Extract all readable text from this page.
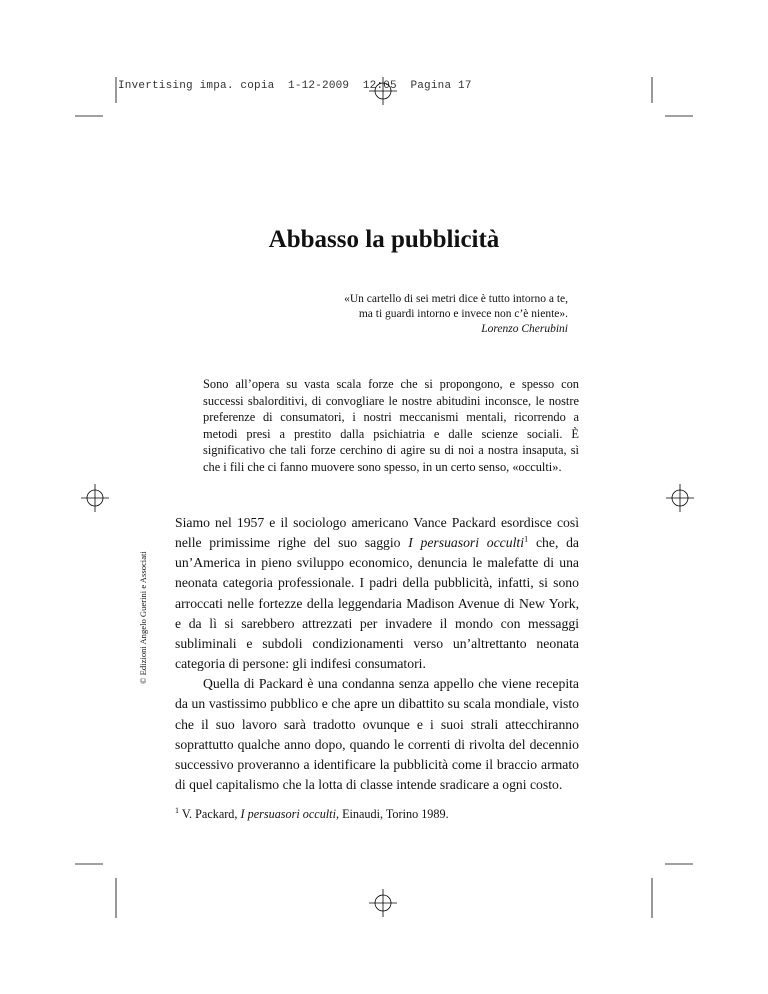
Invertising impa. copia  1-12-2009  12:05  Pagina 17
Abbasso la pubblicità
«Un cartello di sei metri dice è tutto intorno a te,
ma ti guardi intorno e invece non c’è niente».
Lorenzo Cherubini

Sono all’opera su vasta scala forze che si propongono, e spesso con successi sbalorditivi, di convogliare le nostre abitudini inconsce, le nostre preferenze di consumatori, i nostri meccanismi mentali, ricorrendo a metodi presi a prestito dalla psichiatria e dalle scienze sociali. È significativo che tali forze cerchino di agire su di noi a nostra insaputa, sì che i fili che ci fanno muovere sono spesso, in un certo senso, «occulti».

Siamo nel 1957 e il sociologo americano Vance Packard esordisce così nelle primissime righe del suo saggio I persuasori occulti$^1$ che, da un’America in pieno sviluppo economico, denuncia le malefatte di una neonata categoria professionale. I padri della pubblicità, infatti, si sono arroccati nelle fortezze della leggendaria Madison Avenue di New York, e da lì si sarebbero attrezzati per invadere il mondo con messaggi subliminali e subdoli condizionamenti verso un’altrettanto neonata categoria di persone: gli indifesi consumatori.

Quella di Packard è una condanna senza appello che viene recepita da un vastissimo pubblico e che apre un dibattito su scala mondiale, visto che il suo lavoro sarà tradotto ovunque e i suoi strali attecchiranno soprattutto qualche anno dopo, quando le correnti di rivolta del decennio successivo proveranno a identificare la pubblicità come il braccio armato di quel capitalismo che la lotta di classe intende sradicare a ogni costo.

$^1$ V. Packard, I persuasori occulti, Einaudi, Torino 1989.

© Edizioni Angelo Guerini e Associati
